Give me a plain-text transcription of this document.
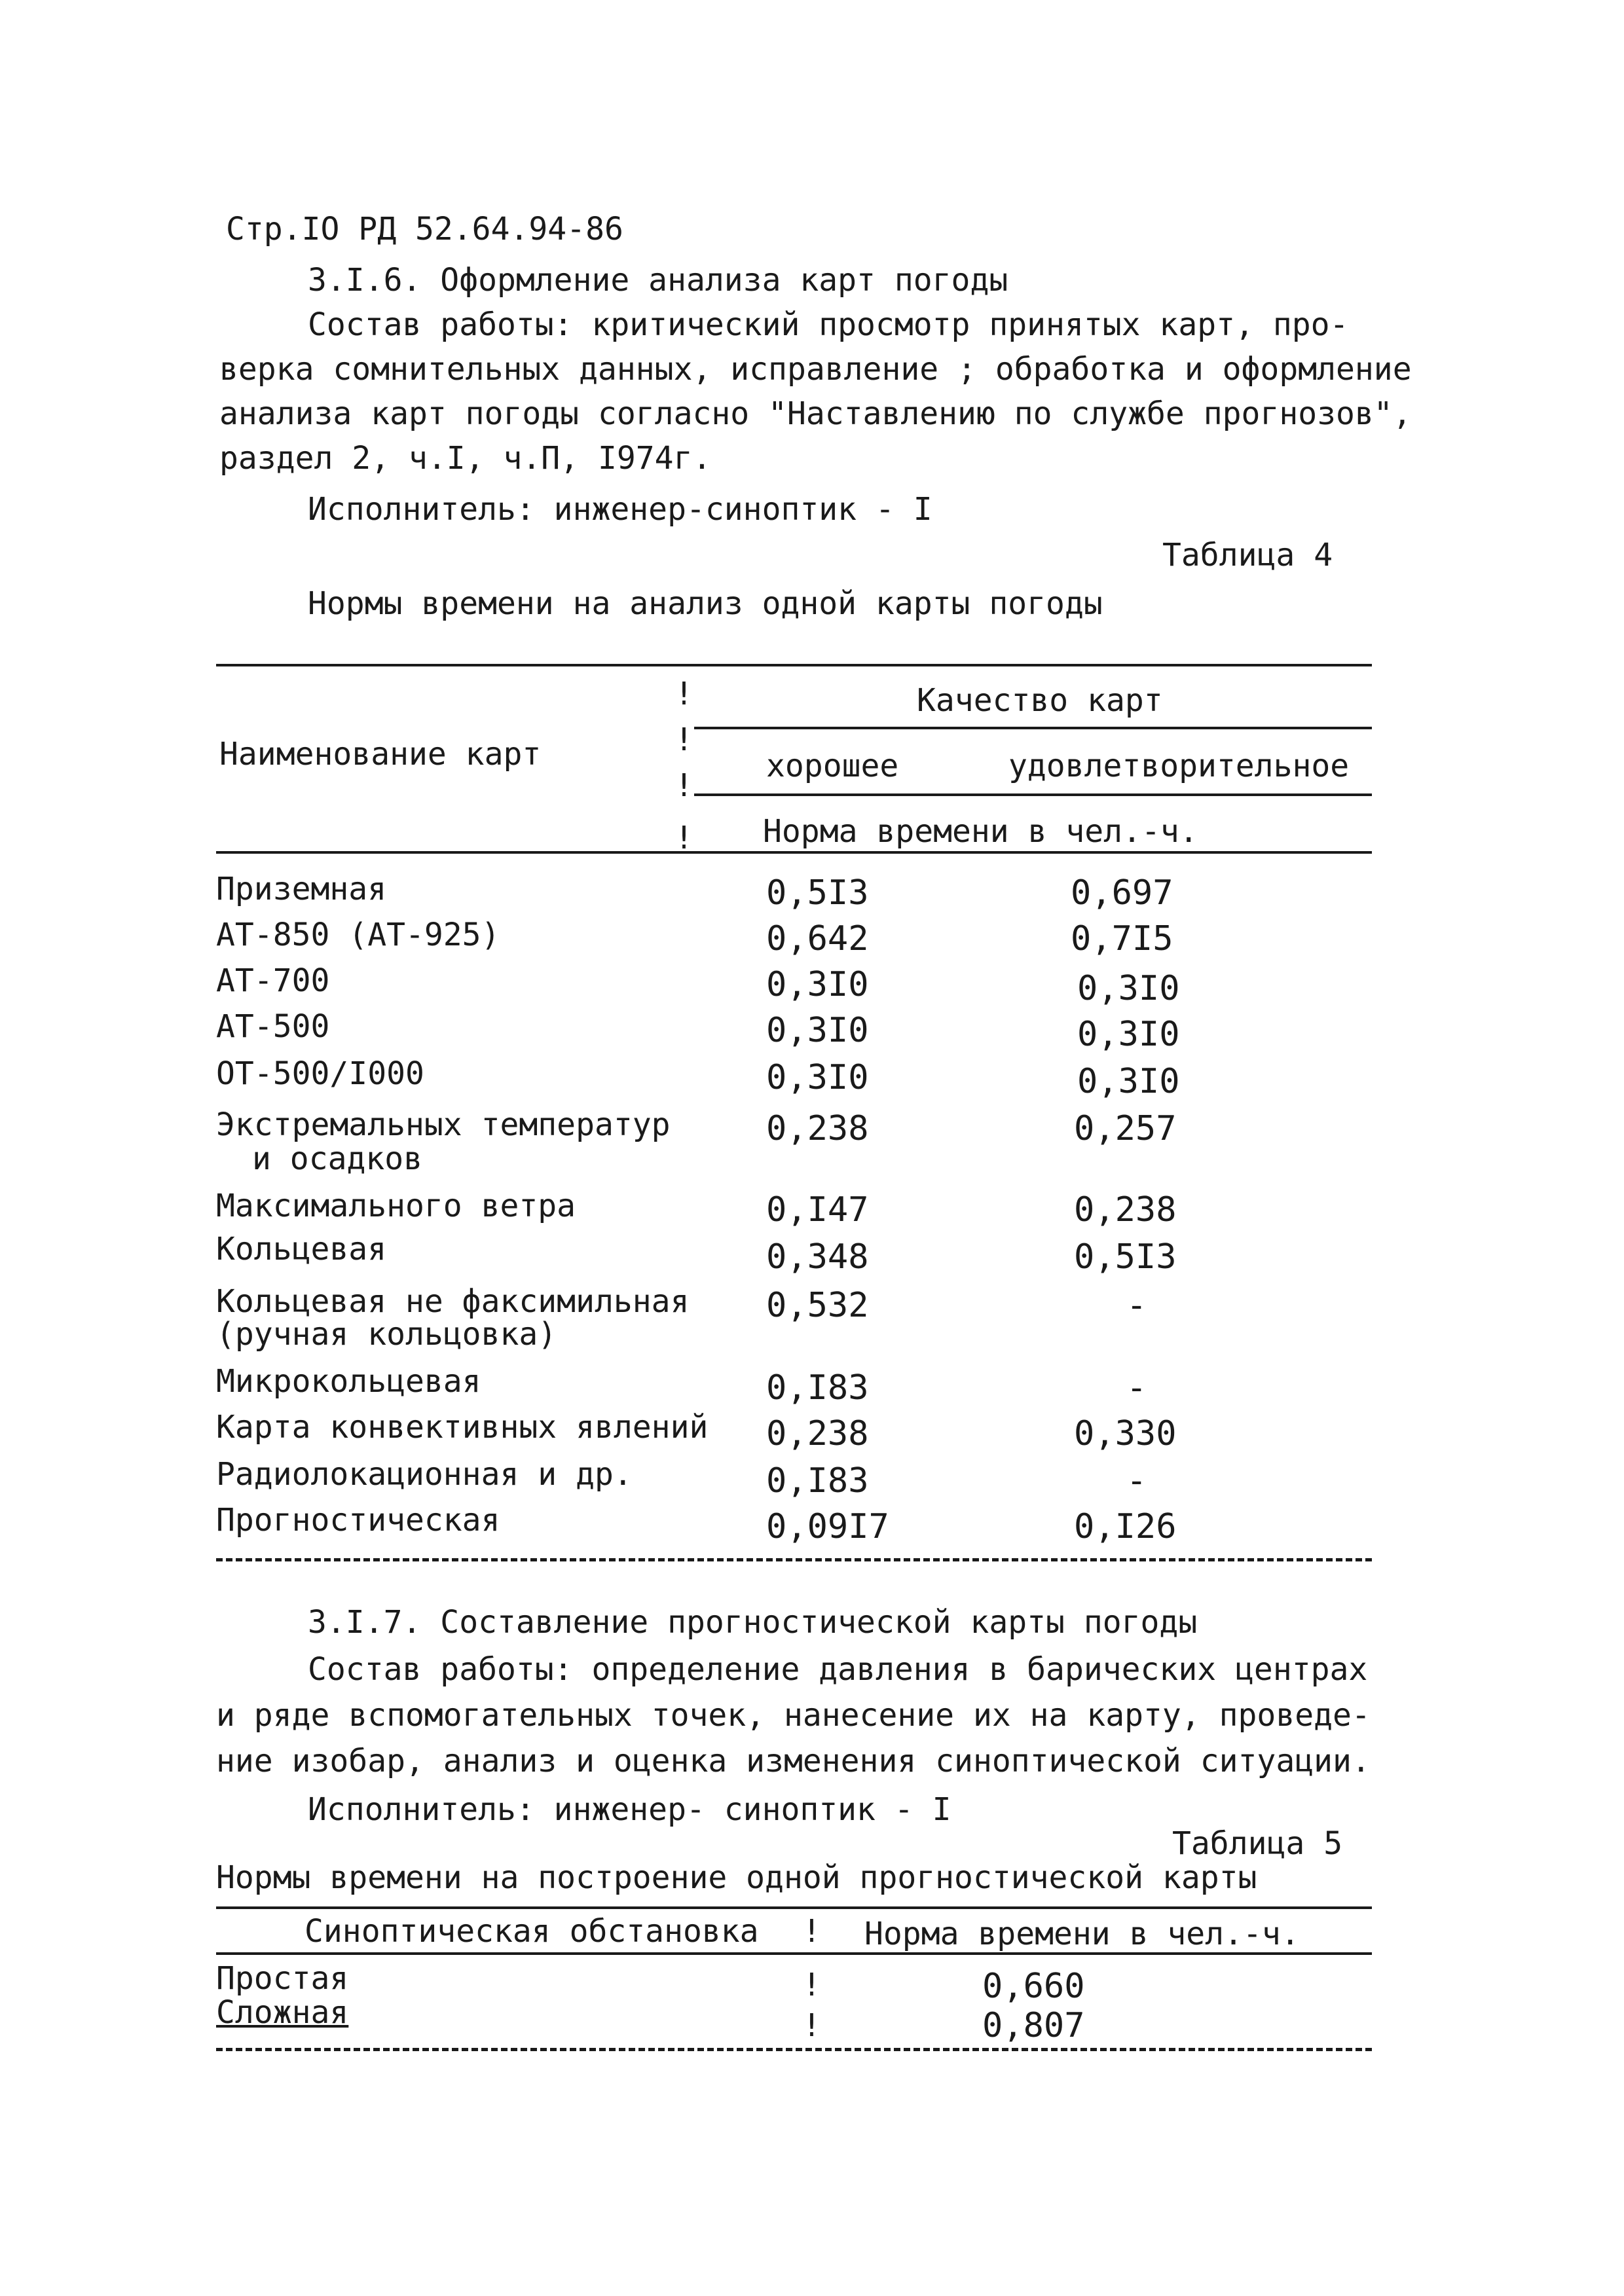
Стр.IO РД 52.64.94-86
3.I.6. Оформление анализа карт погоды
Состав работы: критический просмотр принятых карт, про-
верка сомнительных данных, исправление ; обработка и оформление
анализа карт погоды согласно "Наставлению по службе прогнозов",
раздел 2, ч.I, ч.П, I974г.
Исполнитель: инженер-синоптик - I
Таблица 4
Нормы времени на анализ одной карты погоды
!
!
!
!
Качество карт
Наименование карт	хорошее	удовлетворительное
Норма времени в чел.-ч.
Приземная	0,5I3	0,697
АТ-850 (АТ-925)	0,642	0,7I5
АТ-700	0,3I0	0,3I0
АТ-500	0,3I0	0,3I0
ОТ-500/I000	0,3I0	0,3I0
Экстремальных температур
и осадков
0,238	0,257
Максимального ветра	0,I47	0,238
Кольцевая	0,348	0,5I3
Кольцевая не факсимильная
(ручная кольцовка)
0,532	-
Микрокольцевая	0,I83	-
Карта конвективных явлений 0,238	0,330
Радиолокационная и др.	0,I83	-
Прогностическая	0,09I7	0,I26
3.I.7. Составление прогностической карты погоды
Состав работы: определение давления в барических центрах
и ряде вспомогательных точек, нанесение их на карту, проведе-
ние изобар, анализ и оценка изменения синоптической ситуации.
Исполнитель: инженер- синоптик - I
Таблица 5
Нормы времени на построение одной прогностической карты
Синоптическая обстановка ! Норма времени в чел.-ч.
Простая	!	0,660
Сложная	!	0,807
